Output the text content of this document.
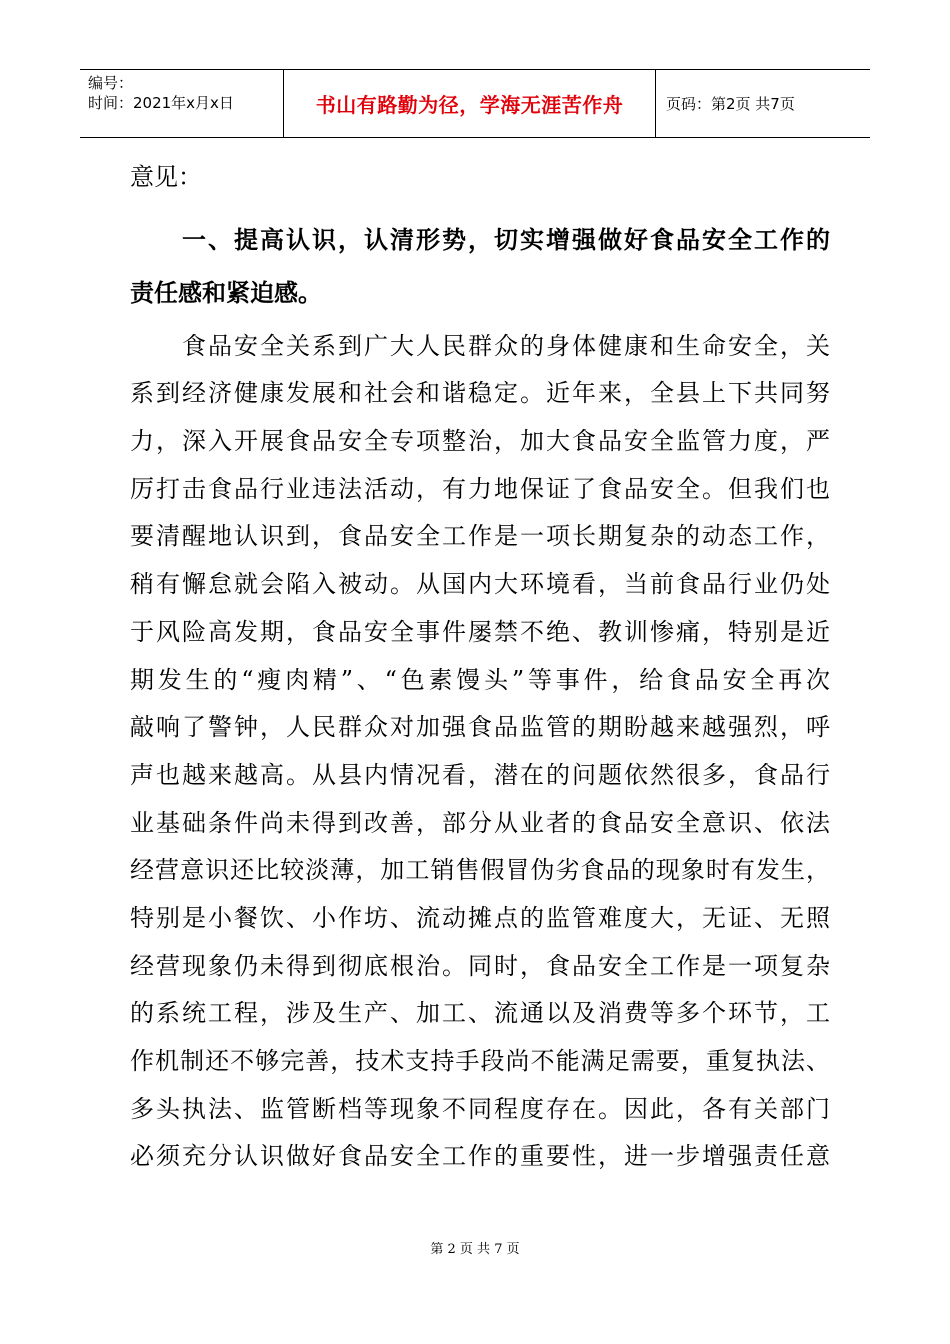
编号：
时间：2021年x月x日	书山有路勤为径，学海无涯苦作舟	页码：第2页 共7页
意见：
一、提高认识，认清形势，切实增强做好食品安全工作的
责任感和紧迫感。
　　食品安全关系到广大人民群众的身体健康和生命安全，关
系到经济健康发展和社会和谐稳定。近年来，全县上下共同努
力，深入开展食品安全专项整治，加大食品安全监管力度，严
厉打击食品行业违法活动，有力地保证了食品安全。但我们也
要清醒地认识到，食品安全工作是一项长期复杂的动态工作，
稍有懈怠就会陷入被动。从国内大环境看，当前食品行业仍处
于风险高发期，食品安全事件屡禁不绝、教训惨痛，特别是近
期发生的“瘦肉精”、“色素馒头”等事件，给食品安全再次
敲响了警钟，人民群众对加强食品监管的期盼越来越强烈，呼
声也越来越高。从县内情况看，潜在的问题依然很多，食品行
业基础条件尚未得到改善，部分从业者的食品安全意识、依法
经营意识还比较淡薄，加工销售假冒伪劣食品的现象时有发生，
特别是小餐饮、小作坊、流动摊点的监管难度大，无证、无照
经营现象仍未得到彻底根治。同时，食品安全工作是一项复杂
的系统工程，涉及生产、加工、流通以及消费等多个环节，工
作机制还不够完善，技术支持手段尚不能满足需要，重复执法、
多头执法、监管断档等现象不同程度存在。因此，各有关部门
必须充分认识做好食品安全工作的重要性，进一步增强责任意
第 2 页 共 7 页
